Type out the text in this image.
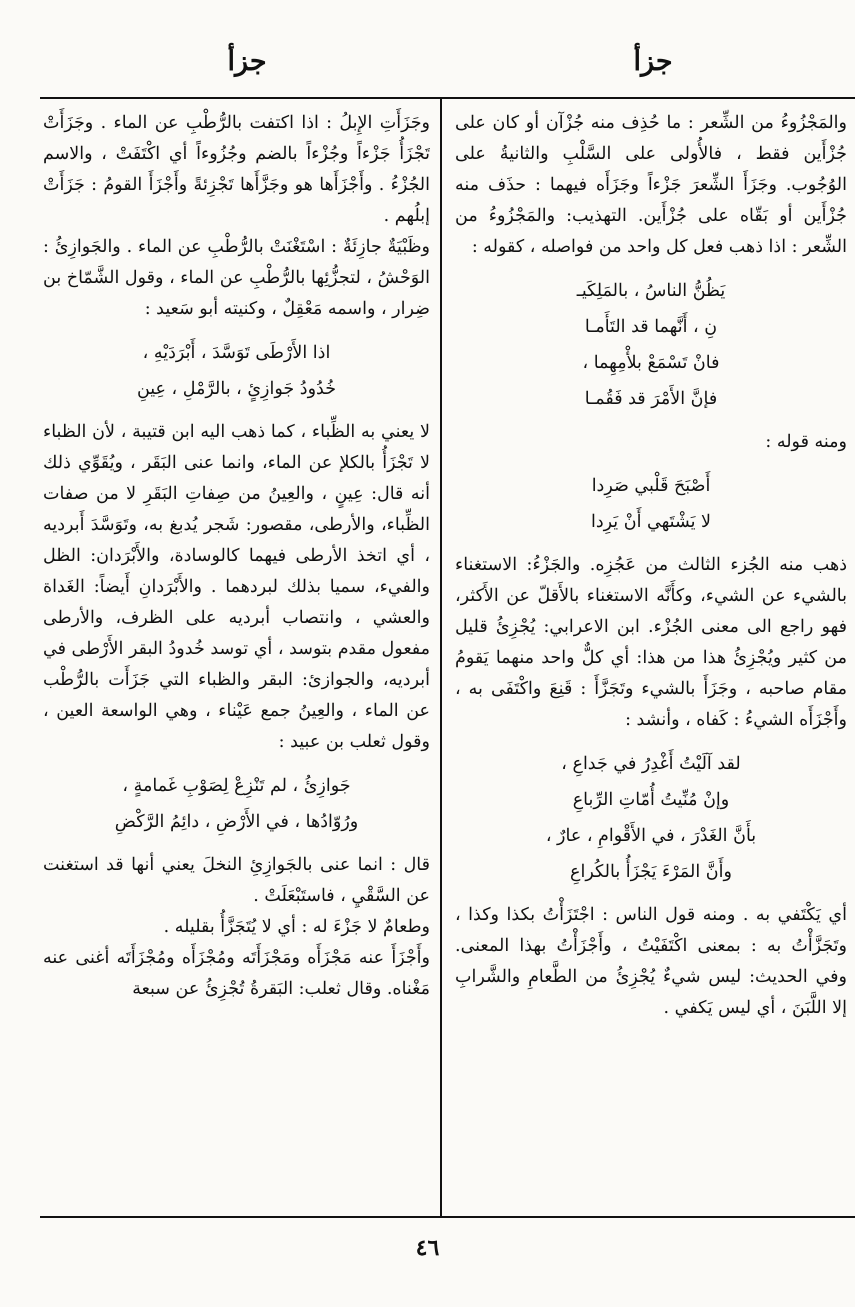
جزأ
جزأ

والمَجْزُوءُ من الشِّعر : ما حُذِف منه جُزْآن أو كان على جُزْأَين فقط ، فالأُولى على السَّلْبِ والثانيةُ على الوُجُوب. وجَزَأَ الشِّعرَ جَزْءاً وجَزَأَه فيهما : حذَف منه جُزْأَين أو بَقّاه على جُزْأَين. التهذيب: والمَجْزُوءُ من الشِّعر : اذا ذهب فعل كل واحد من فواصله ، كقوله :

يَظُنُّ الناسُ ، بالمَلِكَيـ
نِ ، أَنَّهما قد التَأَمـا
فانْ تَسْمَعْ بلأْمِهِما ،
فإنَّ الأَمْرَ قد فَقُمـا

ومنه قوله :

أَصْبَحَ قَلْبي صَرِدا
لا يَشْتَهي أَنْ يَرِدا

ذهب منه الجُزء الثالث من عَجُزِه. والجَزْءُ: الاستغناء بالشيء عن الشيء، وكأَنَّه الاستغناء بالأَقلّ عن الأَكثر، فهو راجع الى معنى الجُزْء. ابن الاعرابي: يُجْزِئُ قليل من كثير ويُجْزِئُ هذا من هذا: أي كلٌّ واحد منهما يَقومُ مقام صاحبه ، وجَزَأَ بالشيء وتَجَزَّأَ : قَنِعَ واكْتَفَى به ، وأَجْزَأَه الشيءُ : كَفاه ، وأنشد :

لقد آلَيْتُ أَغْدِرُ في جَداعِ ،
وإنْ مُنِّيتُ أُمّاتِ الرِّباعِ
بأَنَّ الغَدْرَ ، في الأَقْوامِ ، عارٌ ،
وأَنَّ المَرْءَ يَجْزَأُ بالكُراعِ

أي يَكْتَفي به . ومنه قول الناس : اجْتَزَأْتُ بكذا وكذا ، وتَجَزَّأْتُ به : بمعنى اكْتَفَيْتُ ، وأَجْزَأْتُ بهذا المعنى. وفي الحديث: ليس شيءٌ يُجْزِئُ من الطَّعامِ والشَّرابِ إلا اللَّبَنَ ، أي ليس يَكفي .

وجَزَأَتِ الإِبلُ : اذا اكتفت بالرُّطْبِ عن الماء . وجَزَأَتْ تَجْزَأُ جَزْءاً وجُزْءاً بالضم وجُزُوءاً أي اكْتَفَتْ ، والاسم الجُزْءُ . وأَجْزَأَها هو وجَزَّأَها تَجْزِئةً وأَجْزَأَ القومُ : جَزَأَتْ إبلُهم .

وظَبْيَةٌ جازِئَةٌ : اسْتَغْنَتْ بالرُّطْبِ عن الماء . والجَوازِئُ : الوَحْشُ ، لتجزُّئِها بالرُّطْبِ عن الماء ، وقول الشَّمّاخ بن ضِرار ، واسمه مَعْقِلٌ ، وكنيته أبو سَعيد :

اذا الأَرْطَى تَوَسَّدَ ، أَبْرَدَيْهِ ،
خُدُودُ جَوازِئٍ ، بالرَّمْلِ ، عِينِ

لا يعني به الظِّباء ، كما ذهب اليه ابن قتيبة ، لأن الظباء لا تَجْزَأُ بالكلإ عن الماء، وانما عنى البَقَر ، ويُقَوِّي ذلك أنه قال: عِينٍ ، والعِينُ من صِفاتِ البَقَرِ لا من صفات الظِّباء، والأرطى، مقصور: شَجر يُدبغ به، وتَوَسَّدَ أَبرديه ، أي اتخذ الأرطى فيهما كالوسادة، والأَبْرَدان: الظل والفيء، سميا بذلك لبردهما . والأَبْرَدانِ أَيضاً: الغَداة والعشي ، وانتصاب أبرديه على الظرف، والأرطى مفعول مقدم بتوسد ، أي توسد خُدودُ البقر الأَرْطى في أبرديه، والجوازئ: البقر والظباء التي جَزَأَت بالرُّطْب عن الماء ، والعِينُ جمع عَيْناء ، وهي الواسعة العين ، وقول ثعلب بن عبيد :

جَوازِئُ ، لم تَنْزِعْ لِصَوْبِ غَمامةٍ ،
ورُوّادُها ، في الأَرْضِ ، دائِمُ الرَّكْضِ

قال : انما عنى بالجَوازِئِ النخلَ يعني أنها قد استغنت عن السَّقْيِ ، فاستَبْعَلَتْ .

وطعامٌ لا جَزْءَ له : أي لا يُتَجَزَّأُ بقليله .

وأَجْزَأَ عنه مَجْزَأَه ومَجْزَأَتَه ومُجْزَأَه ومُجْزَأَتَه أغنى عنه مَغْناه. وقال ثعلب: البَقرةُ تُجْزِئُ عن سبعة

٤٦
